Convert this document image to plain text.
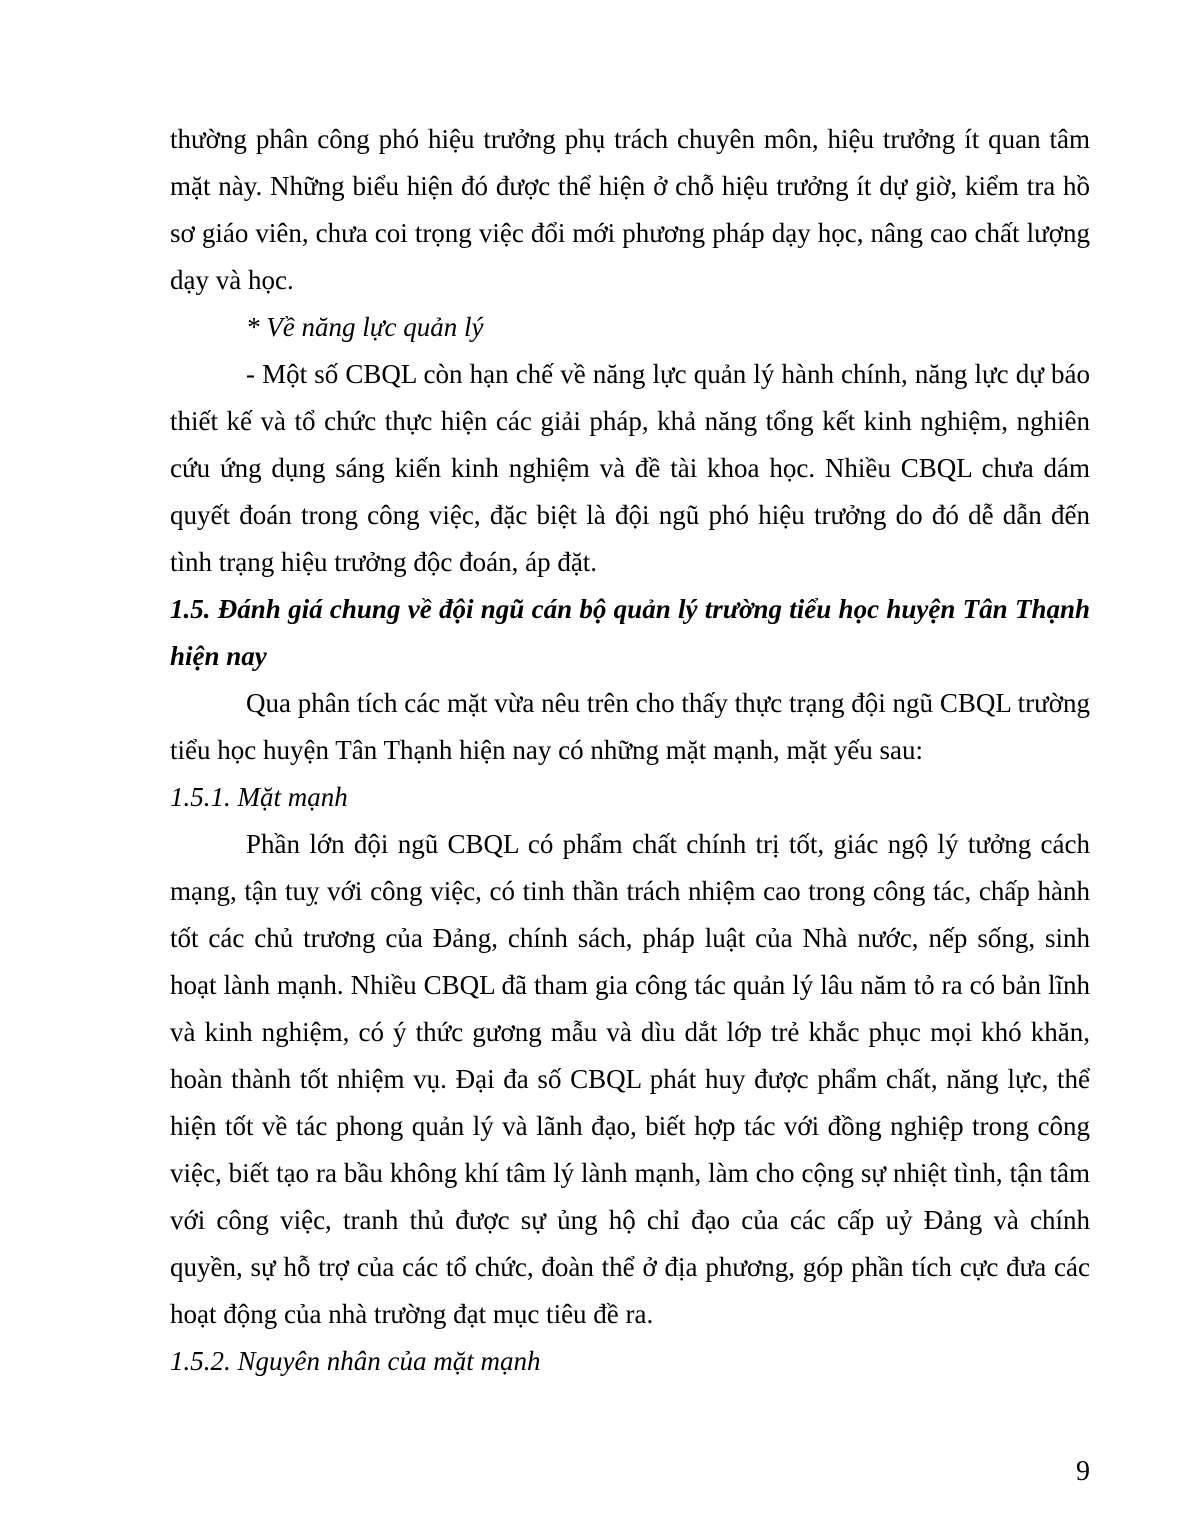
thường phân công phó hiệu trưởng phụ trách chuyên môn, hiệu trưởng ít quan tâm mặt này. Những biểu hiện đó được thể hiện ở chỗ hiệu trưởng ít dự giờ, kiểm tra hồ sơ giáo viên, chưa coi trọng việc đổi mới phương pháp dạy học, nâng cao chất lượng dạy và học.

* Về năng lực quản lý

- Một số CBQL còn hạn chế về năng lực quản lý hành chính, năng lực dự báo thiết kế và tổ chức thực hiện các giải pháp, khả năng tổng kết kinh nghiệm, nghiên cứu ứng dụng sáng kiến kinh nghiệm và đề tài khoa học. Nhiều CBQL chưa dám quyết đoán trong công việc, đặc biệt là đội ngũ phó hiệu trưởng do đó dễ dẫn đến tình trạng hiệu trưởng độc đoán, áp đặt.

1.5. Đánh giá chung về đội ngũ cán bộ quản lý trường tiểu học huyện Tân Thạnh hiện nay

Qua phân tích các mặt vừa nêu trên cho thấy thực trạng đội ngũ CBQL trường tiểu học huyện Tân Thạnh hiện nay có những mặt mạnh, mặt yếu sau:

1.5.1. Mặt mạnh

Phần lớn đội ngũ CBQL có phẩm chất chính trị tốt, giác ngộ lý tưởng cách mạng, tận tuỵ với công việc, có tinh thần trách nhiệm cao trong công tác, chấp hành tốt các chủ trương của Đảng, chính sách, pháp luật của Nhà nước, nếp sống, sinh hoạt lành mạnh. Nhiều CBQL đã tham gia công tác quản lý lâu năm tỏ ra có bản lĩnh và kinh nghiệm, có ý thức gương mẫu và dìu dắt lớp trẻ khắc phục mọi khó khăn, hoàn thành tốt nhiệm vụ. Đại đa số CBQL phát huy được phẩm chất, năng lực, thể hiện tốt về tác phong quản lý và lãnh đạo, biết hợp tác với đồng nghiệp trong công việc, biết tạo ra bầu không khí tâm lý lành mạnh, làm cho cộng sự nhiệt tình, tận tâm với công việc, tranh thủ được sự ủng hộ chỉ đạo của các cấp uỷ Đảng và chính quyền, sự hỗ trợ của các tổ chức, đoàn thể ở địa phương, góp phần tích cực đưa các hoạt động của nhà trường đạt mục tiêu đề ra.

1.5.2. Nguyên nhân của mặt mạnh

9
